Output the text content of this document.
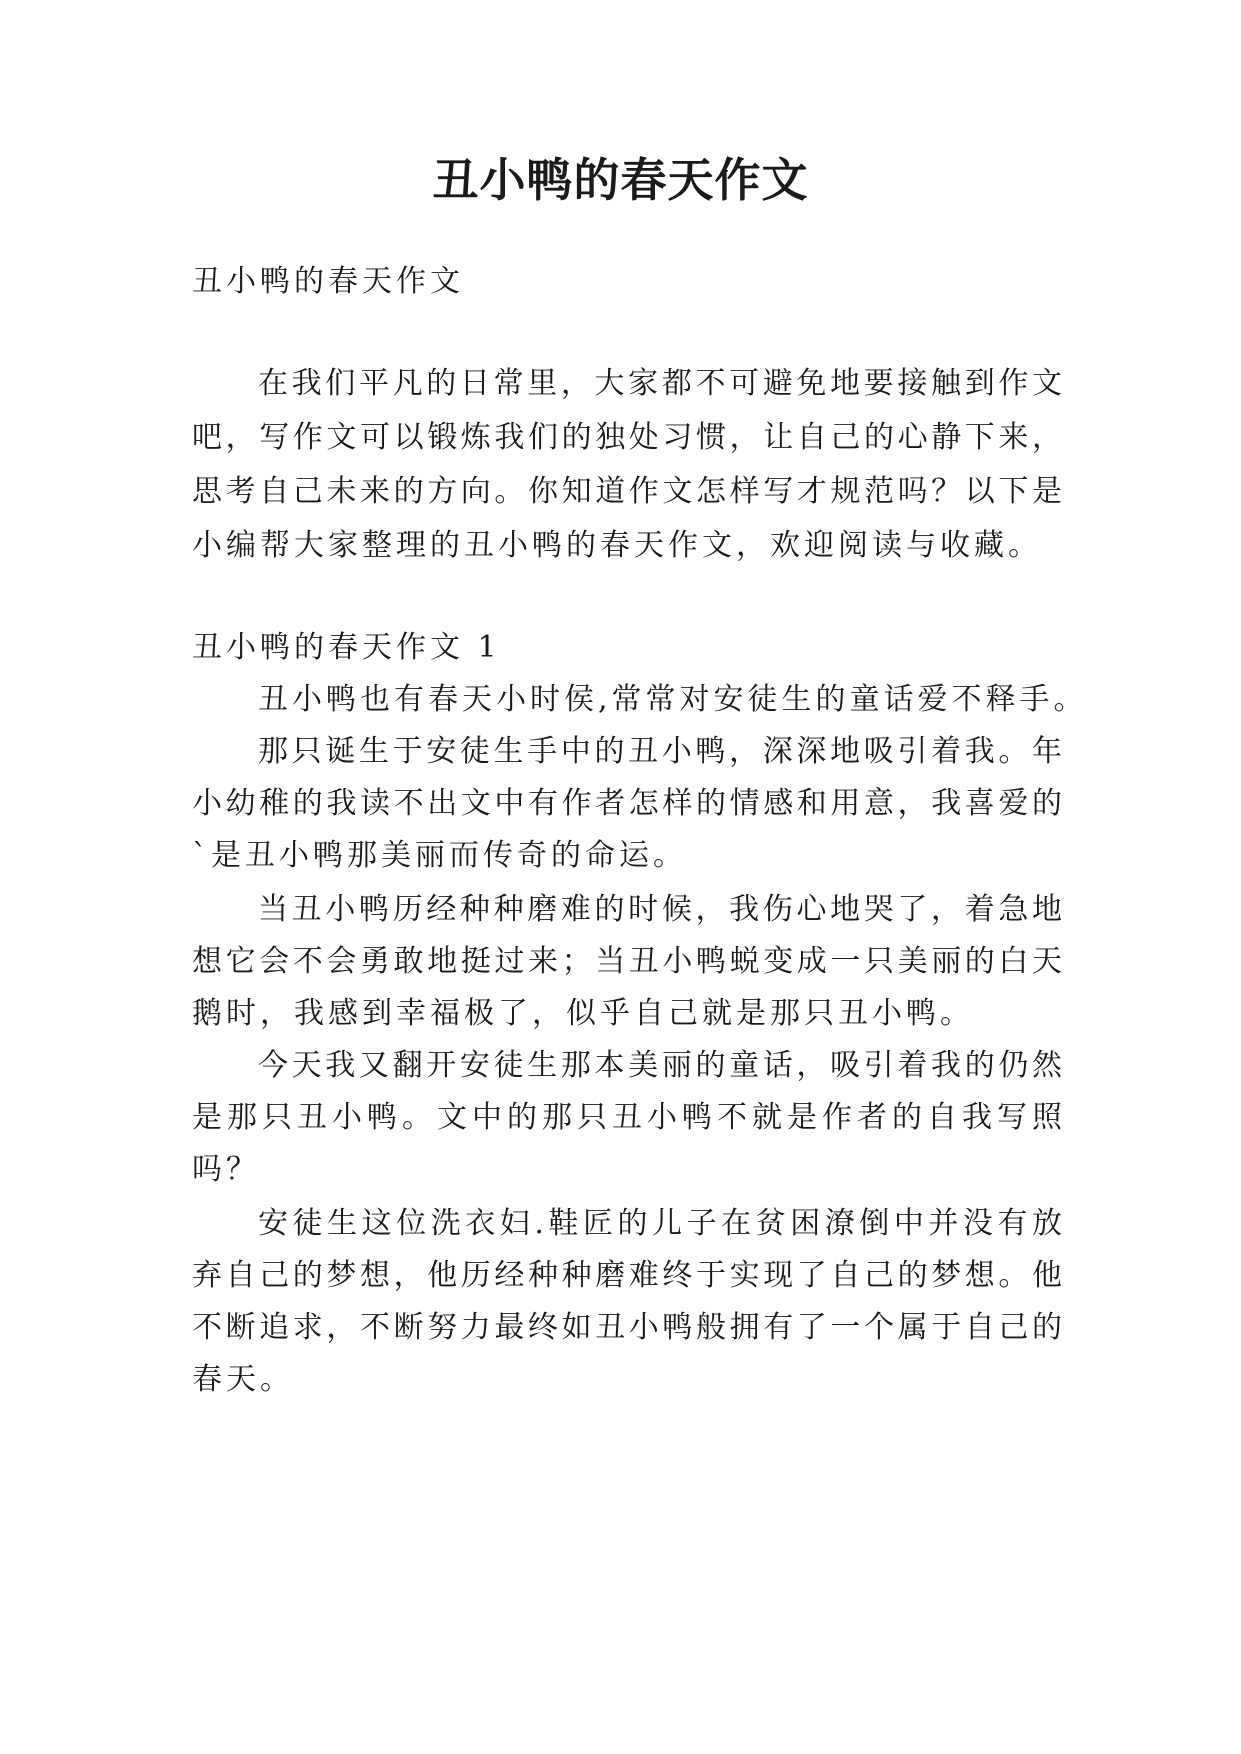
丑小鸭的春天作文
丑小鸭的春天作文
在我们平凡的日常里，大家都不可避免地要接触到作文
吧，写作文可以锻炼我们的独处习惯，让自己的心静下来，
思考自己未来的方向。你知道作文怎样写才规范吗？以下是
小编帮大家整理的丑小鸭的春天作文，欢迎阅读与收藏。
丑小鸭的春天作文 1
丑小鸭也有春天小时侯,常常对安徒生的童话爱不释手。
那只诞生于安徒生手中的丑小鸭，深深地吸引着我。年
小幼稚的我读不出文中有作者怎样的情感和用意，我喜爱的
`是丑小鸭那美丽而传奇的命运。
当丑小鸭历经种种磨难的时候，我伤心地哭了，着急地
想它会不会勇敢地挺过来；当丑小鸭蜕变成一只美丽的白天
鹅时，我感到幸福极了，似乎自己就是那只丑小鸭。
今天我又翻开安徒生那本美丽的童话，吸引着我的仍然
是那只丑小鸭。文中的那只丑小鸭不就是作者的自我写照
吗？
安徒生这位洗衣妇.鞋匠的儿子在贫困潦倒中并没有放
弃自己的梦想，他历经种种磨难终于实现了自己的梦想。他
不断追求，不断努力最终如丑小鸭般拥有了一个属于自己的
春天。
